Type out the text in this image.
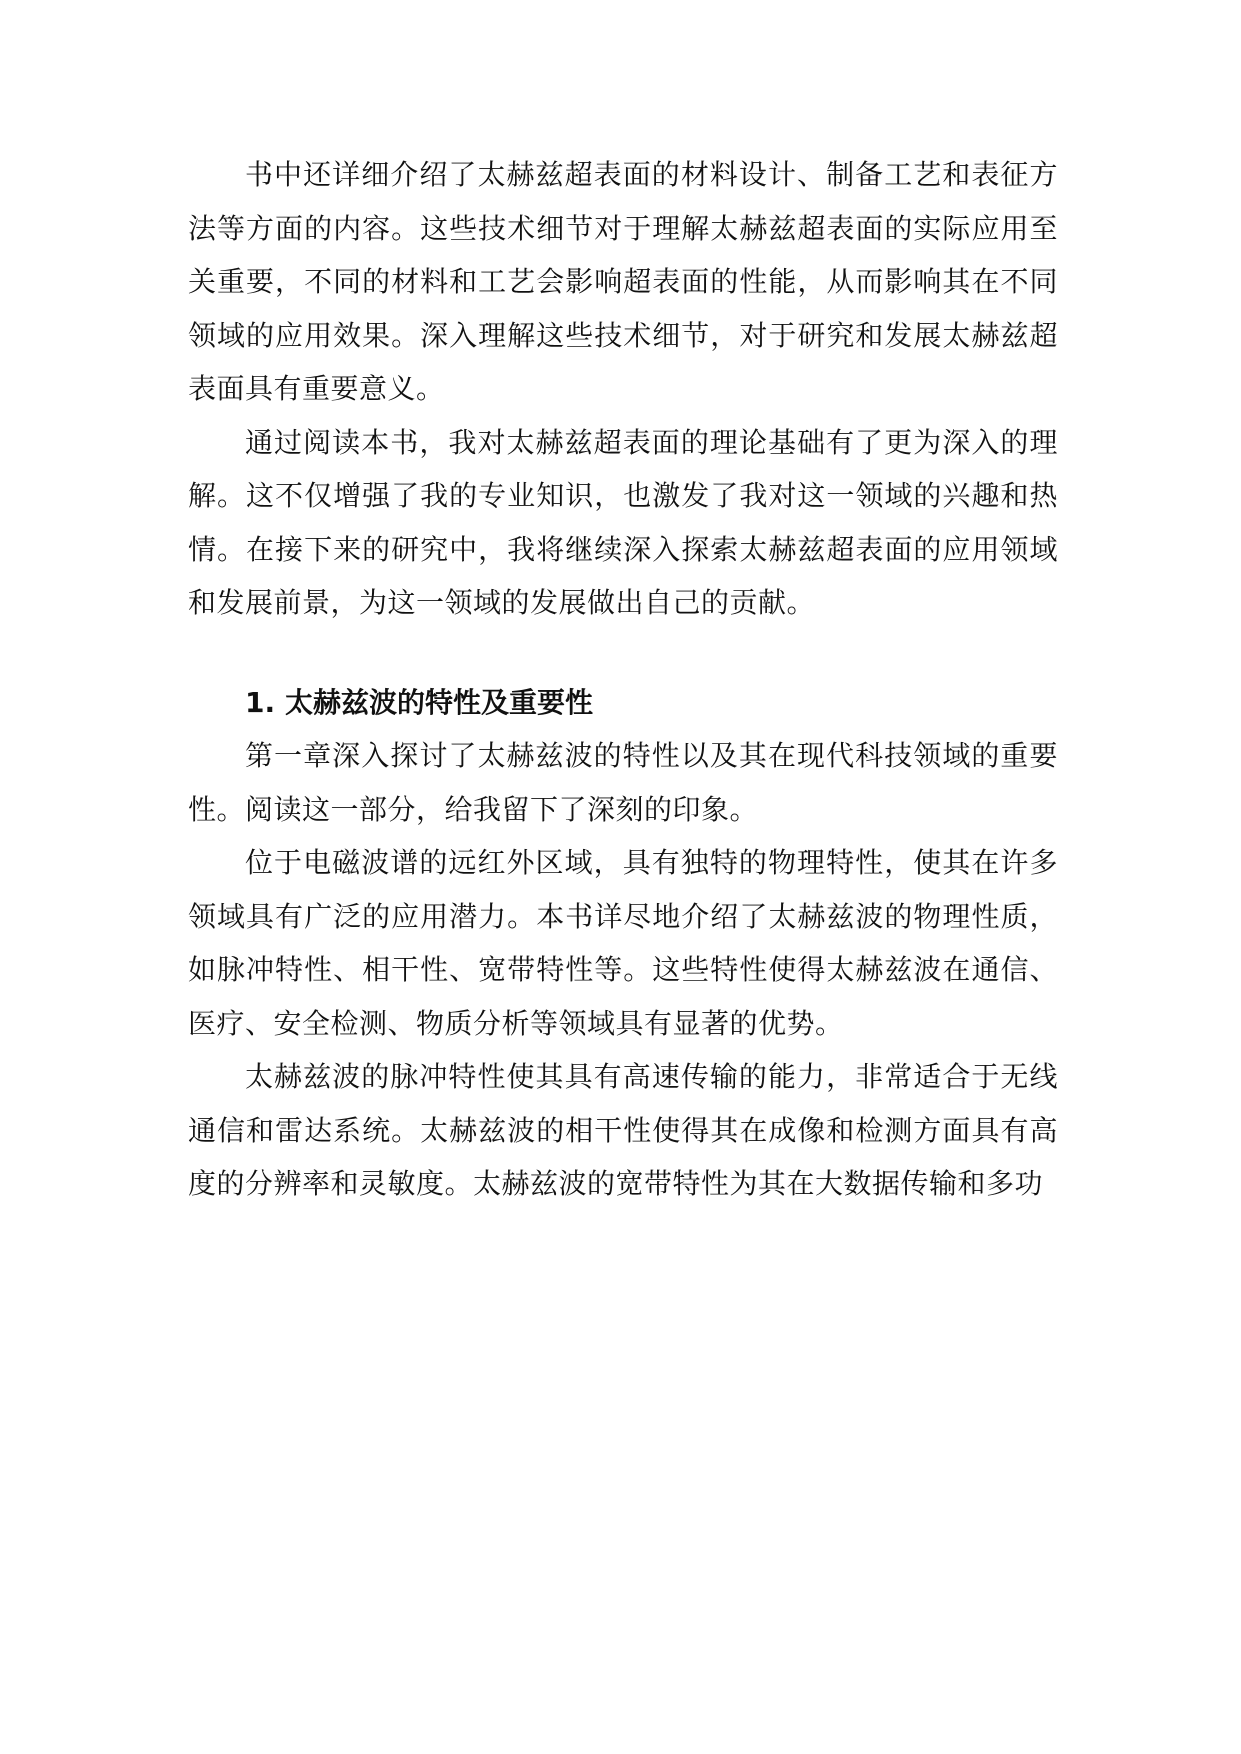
书中还详细介绍了太赫兹超表面的材料设计、制备工艺和表征方法等方面的内容。这些技术细节对于理解太赫兹超表面的实际应用至关重要，不同的材料和工艺会影响超表面的性能，从而影响其在不同领域的应用效果。深入理解这些技术细节，对于研究和发展太赫兹超表面具有重要意义。

通过阅读本书，我对太赫兹超表面的理论基础有了更为深入的理解。这不仅增强了我的专业知识，也激发了我对这一领域的兴趣和热情。在接下来的研究中，我将继续深入探索太赫兹超表面的应用领域和发展前景，为这一领域的发展做出自己的贡献。

1. 太赫兹波的特性及重要性

第一章深入探讨了太赫兹波的特性以及其在现代科技领域的重要性。阅读这一部分，给我留下了深刻的印象。

位于电磁波谱的远红外区域，具有独特的物理特性，使其在许多领域具有广泛的应用潜力。本书详尽地介绍了太赫兹波的物理性质，如脉冲特性、相干性、宽带特性等。这些特性使得太赫兹波在通信、医疗、安全检测、物质分析等领域具有显著的优势。

太赫兹波的脉冲特性使其具有高速传输的能力，非常适合于无线通信和雷达系统。太赫兹波的相干性使得其在成像和检测方面具有高度的分辨率和灵敏度。太赫兹波的宽带特性为其在大数据传输和多功
